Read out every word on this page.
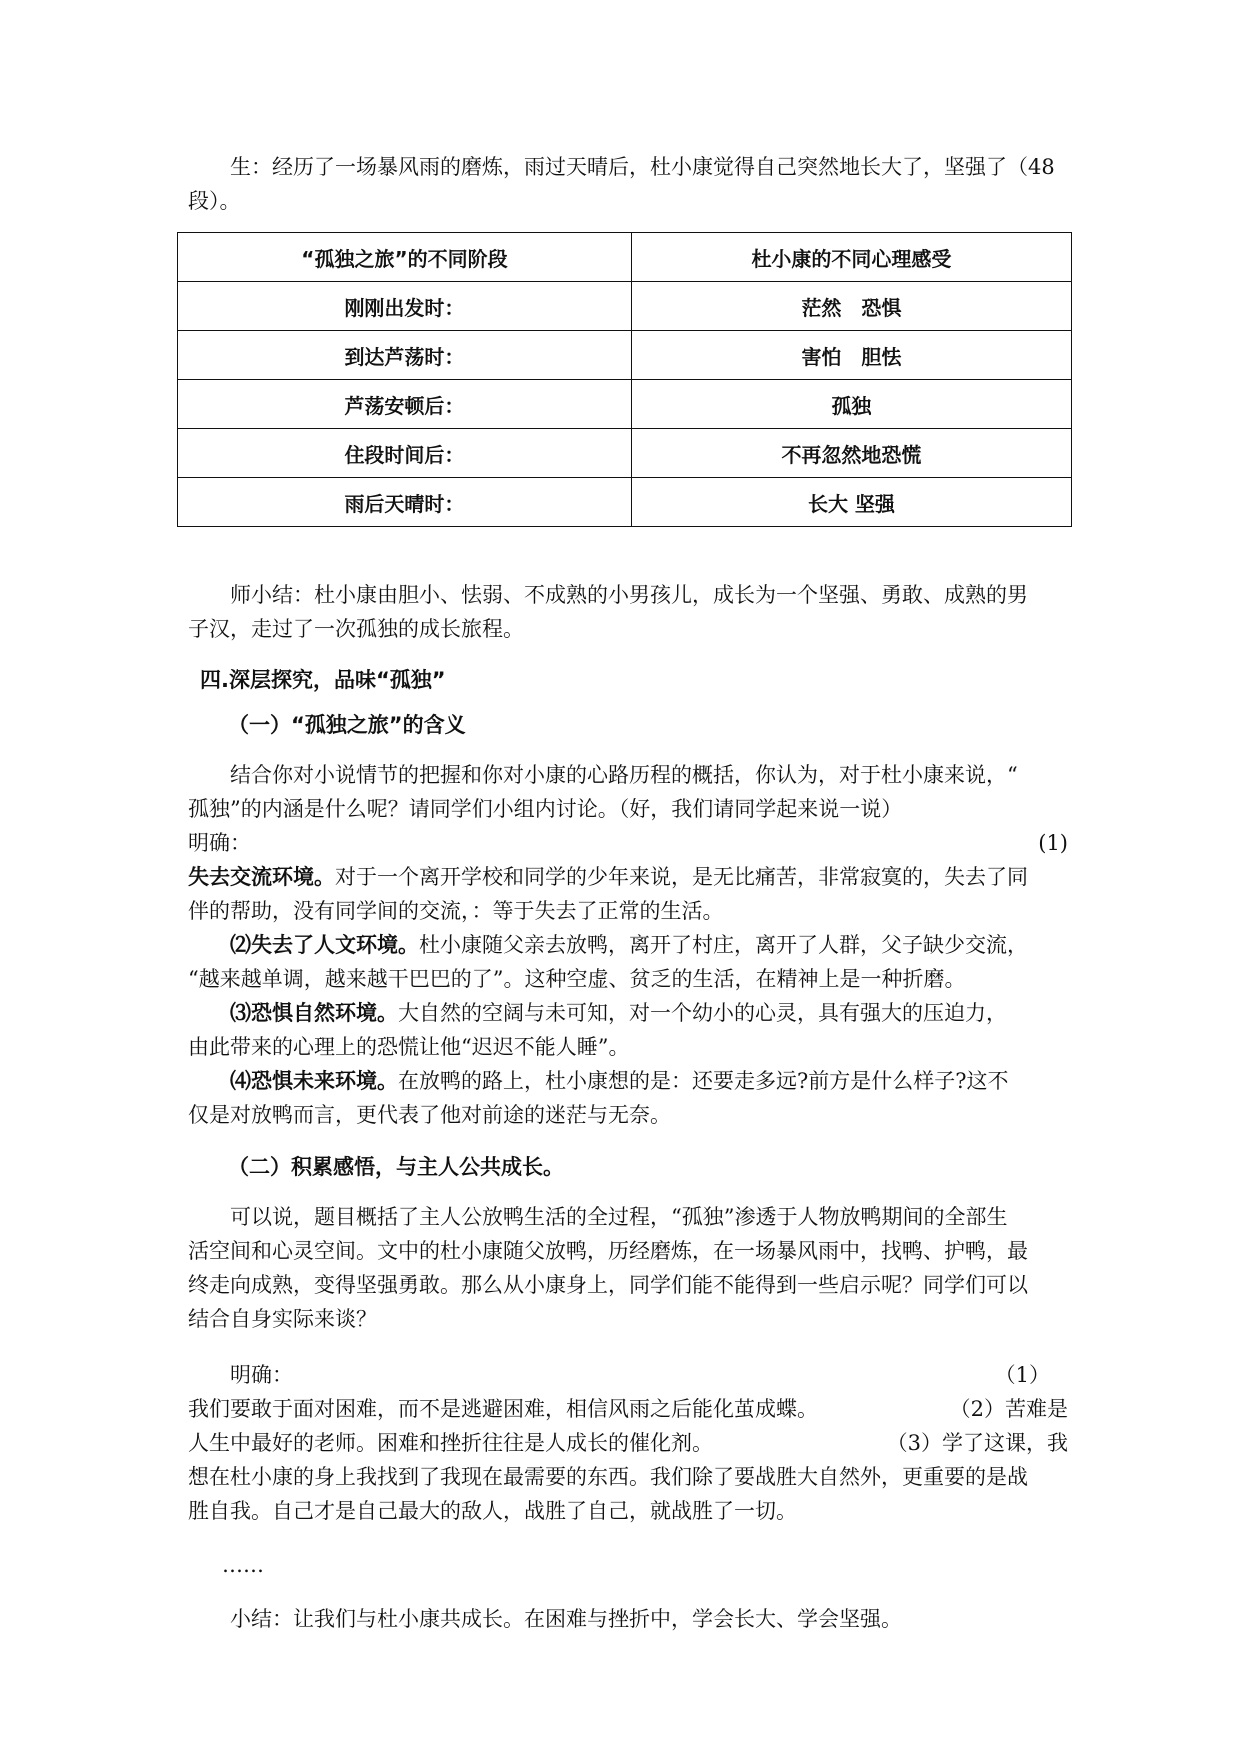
生：经历了一场暴风雨的磨炼，雨过天晴后，杜小康觉得自己突然地长大了，坚强了（48

段）。

“孤独之旅”的不同阶段	杜小康的不同心理感受
刚刚出发时：	茫然　恐惧
到达芦荡时：	害怕　胆怯
芦荡安顿后：	孤独
住段时间后：	不再忽然地恐慌
雨后天晴时：	长大 坚强

师小结：杜小康由胆小、怯弱、不成熟的小男孩儿，成长为一个坚强、勇敢、成熟的男

子汉，走过了一次孤独的成长旅程。

四.深层探究，品味“孤独”

（一）“孤独之旅”的含义

结合你对小说情节的把握和你对小康的心路历程的概括，你认为，对于杜小康来说，“

孤独”的内涵是什么呢？请同学们小组内讨论。（好，我们请同学起来说一说）

明确：	(1)

失去交流环境。对于一个离开学校和同学的少年来说，是无比痛苦，非常寂寞的，失去了同

伴的帮助，没有同学间的交流，：等于失去了正常的生活。

⑵失去了人文环境。杜小康随父亲去放鸭，离开了村庄，离开了人群，父子缺少交流，

“越来越单调，越来越干巴巴的了”。这种空虚、贫乏的生活，在精神上是一种折磨。

⑶恐惧自然环境。大自然的空阔与未可知，对一个幼小的心灵，具有强大的压迫力，

由此带来的心理上的恐慌让他“迟迟不能人睡”。

⑷恐惧未来环境。在放鸭的路上，杜小康想的是：还要走多远?前方是什么样子?这不

仅是对放鸭而言，更代表了他对前途的迷茫与无奈。

（二）积累感悟，与主人公共成长。

可以说，题目概括了主人公放鸭生活的全过程，“孤独”渗透于人物放鸭期间的全部生

活空间和心灵空间。文中的杜小康随父放鸭，历经磨炼，在一场暴风雨中，找鸭、护鸭，最

终走向成熟，变得坚强勇敢。那么从小康身上，同学们能不能得到一些启示呢？同学们可以

结合自身实际来谈？

明确：	（1）
我们要敢于面对困难，而不是逃避困难，相信风雨之后能化茧成蝶。	（2）苦难是
人生中最好的老师。困难和挫折往往是人成长的催化剂。	（3）学了这课，我

想在杜小康的身上我找到了我现在最需要的东西。我们除了要战胜大自然外，更重要的是战

胜自我。自己才是自己最大的敌人，战胜了自己，就战胜了一切。

……

小结：让我们与杜小康共成长。在困难与挫折中，学会长大、学会坚强。
